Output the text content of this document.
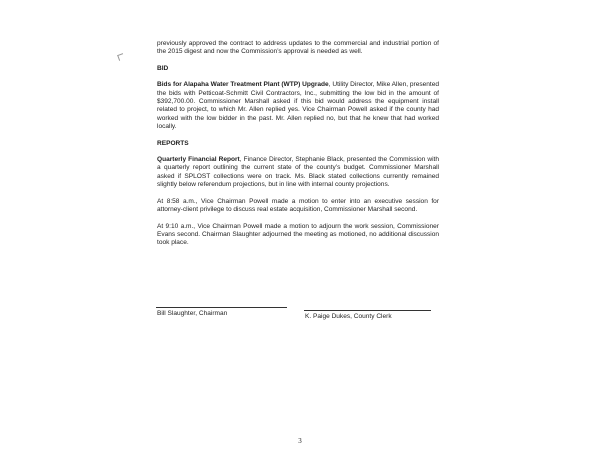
previously approved the contract to address updates to the commercial and industrial portion of the 2015 digest and now the Commission’s approval is needed as well.

BID

Bids for Alapaha Water Treatment Plant (WTP) Upgrade, Utility Director, Mike Allen, presented the bids with Petticoat-Schmitt Civil Contractors, Inc., submitting the low bid in the amount of $392,700.00. Commissioner Marshall asked if this bid would address the equipment install related to project, to which Mr. Allen replied yes. Vice Chairman Powell asked if the county had worked with the low bidder in the past. Mr. Allen replied no, but that he knew that had worked locally.

REPORTS

Quarterly Financial Report, Finance Director, Stephanie Black, presented the Commission with a quarterly report outlining the current state of the county’s budget. Commissioner Marshall asked if SPLOST collections were on track. Ms. Black stated collections currently remained slightly below referendum projections, but in line with internal county projections.

At 8:58 a.m., Vice Chairman Powell made a motion to enter into an executive session for attorney-client privilege to discuss real estate acquisition, Commissioner Marshall second.

At 9:10 a.m., Vice Chairman Powell made a motion to adjourn the work session, Commissioner Evans second. Chairman Slaughter adjourned the meeting as motioned, no additional discussion took place.

Bill Slaughter, Chairman	K. Paige Dukes, County Clerk
3
